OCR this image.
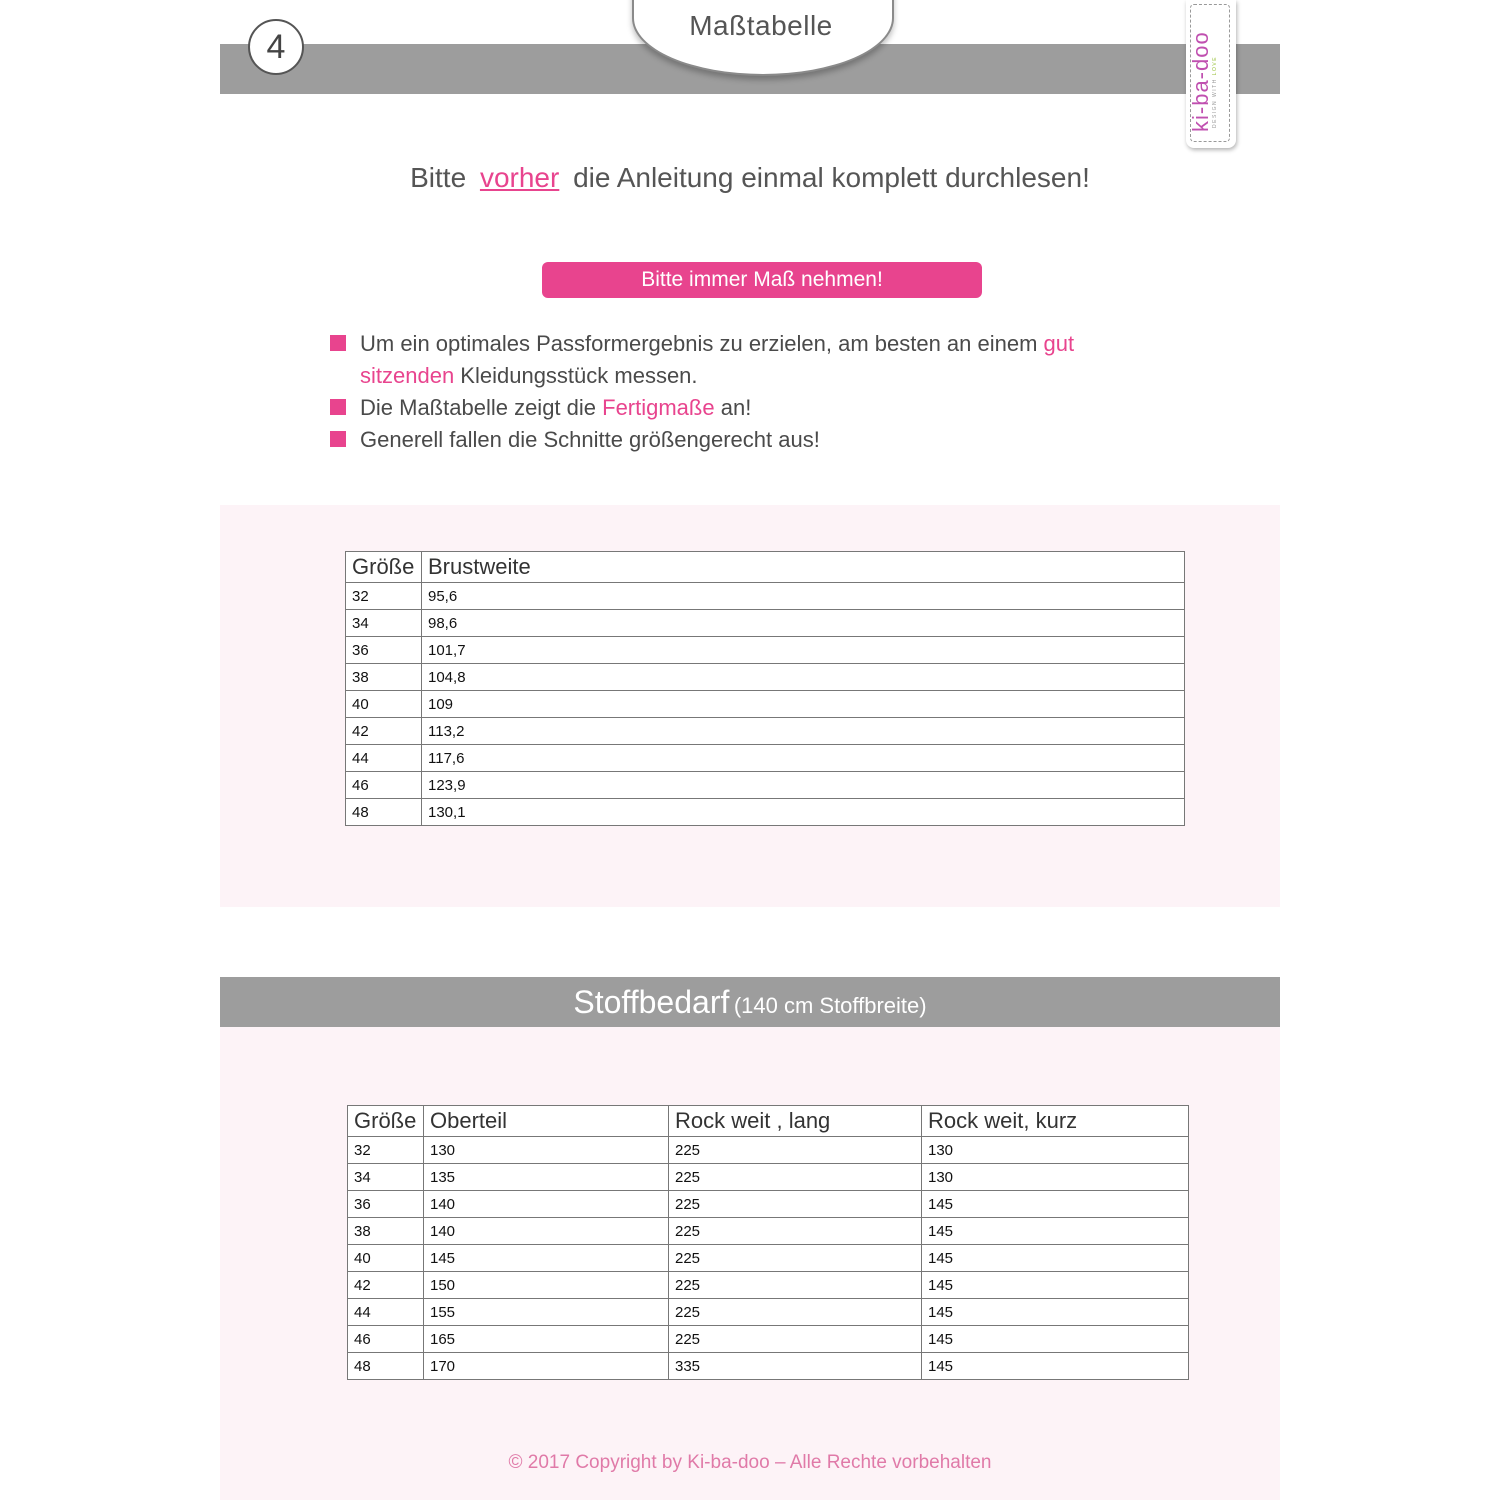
4
Maßtabelle
ki-ba-doo DESIGN WITH LOVE
Bitte vorher die Anleitung einmal komplett durchlesen!
Bitte immer Maß nehmen!
Um ein optimales Passformergebnis zu erzielen, am besten an einem gut sitzenden Kleidungsstück messen.
Die Maßtabelle zeigt die Fertigmaße an!
Generell fallen die Schnitte größengerecht aus!
Größe	Brustweite
32	95,6
34	98,6
36	101,7
38	104,8
40	109
42	113,2
44	117,6
46	123,9
48	130,1
Stoffbedarf (140 cm Stoffbreite)
Größe	Oberteil	Rock weit , lang	Rock weit, kurz
32	130	225	130
34	135	225	130
36	140	225	145
38	140	225	145
40	145	225	145
42	150	225	145
44	155	225	145
46	165	225	145
48	170	335	145
© 2017 Copyright by Ki-ba-doo – Alle Rechte vorbehalten
